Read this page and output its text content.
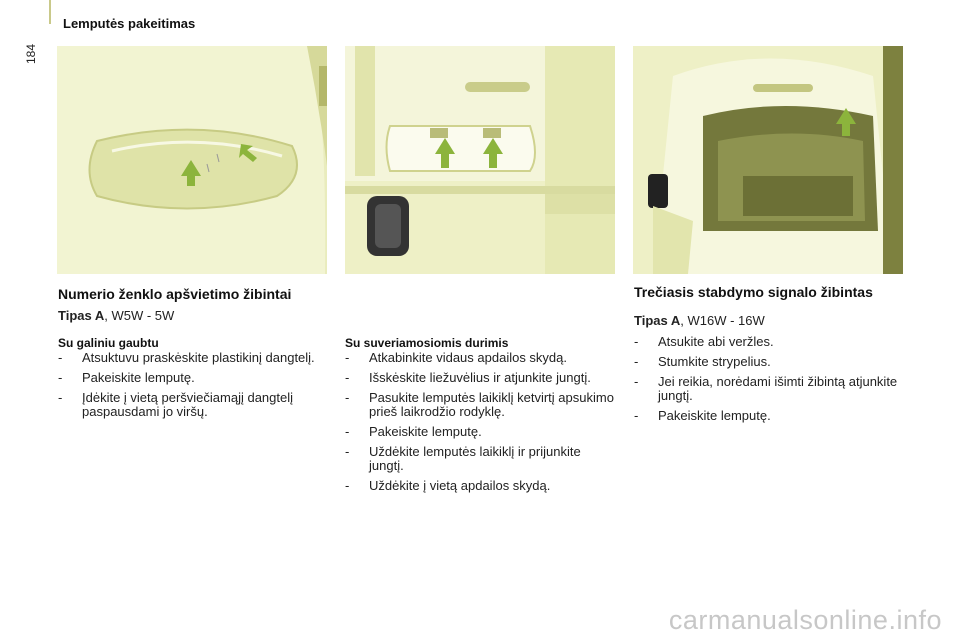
184
Lemputės pakeitimas
Numerio ženklo apšvietimo žibintai
Tipas A, W5W - 5W
Su galiniu gaubtu
- Atsuktuvu praskėskite plastikinį dangtelį.
- Pakeiskite lemputę.
- Įdėkite į vietą peršviečiamąjį dangtelį paspausdami jo viršų.
Su suveriamosiomis durimis
- Atkabinkite vidaus apdailos skydą.
- Išskėskite liežuvėlius ir atjunkite jungtį.
- Pasukite lemputės laikiklį ketvirtį apsukimo prieš laikrodžio rodyklę.
- Pakeiskite lemputę.
- Uždėkite lemputės laikiklį ir prijunkite jungtį.
- Uždėkite į vietą apdailos skydą.
Trečiasis stabdymo signalo žibintas
Tipas A, W16W - 16W
- Atsukite abi veržles.
- Stumkite strypelius.
- Jei reikia, norėdami išimti žibintą atjunkite jungtį.
- Pakeiskite lemputę.
carmanualsonline.info
